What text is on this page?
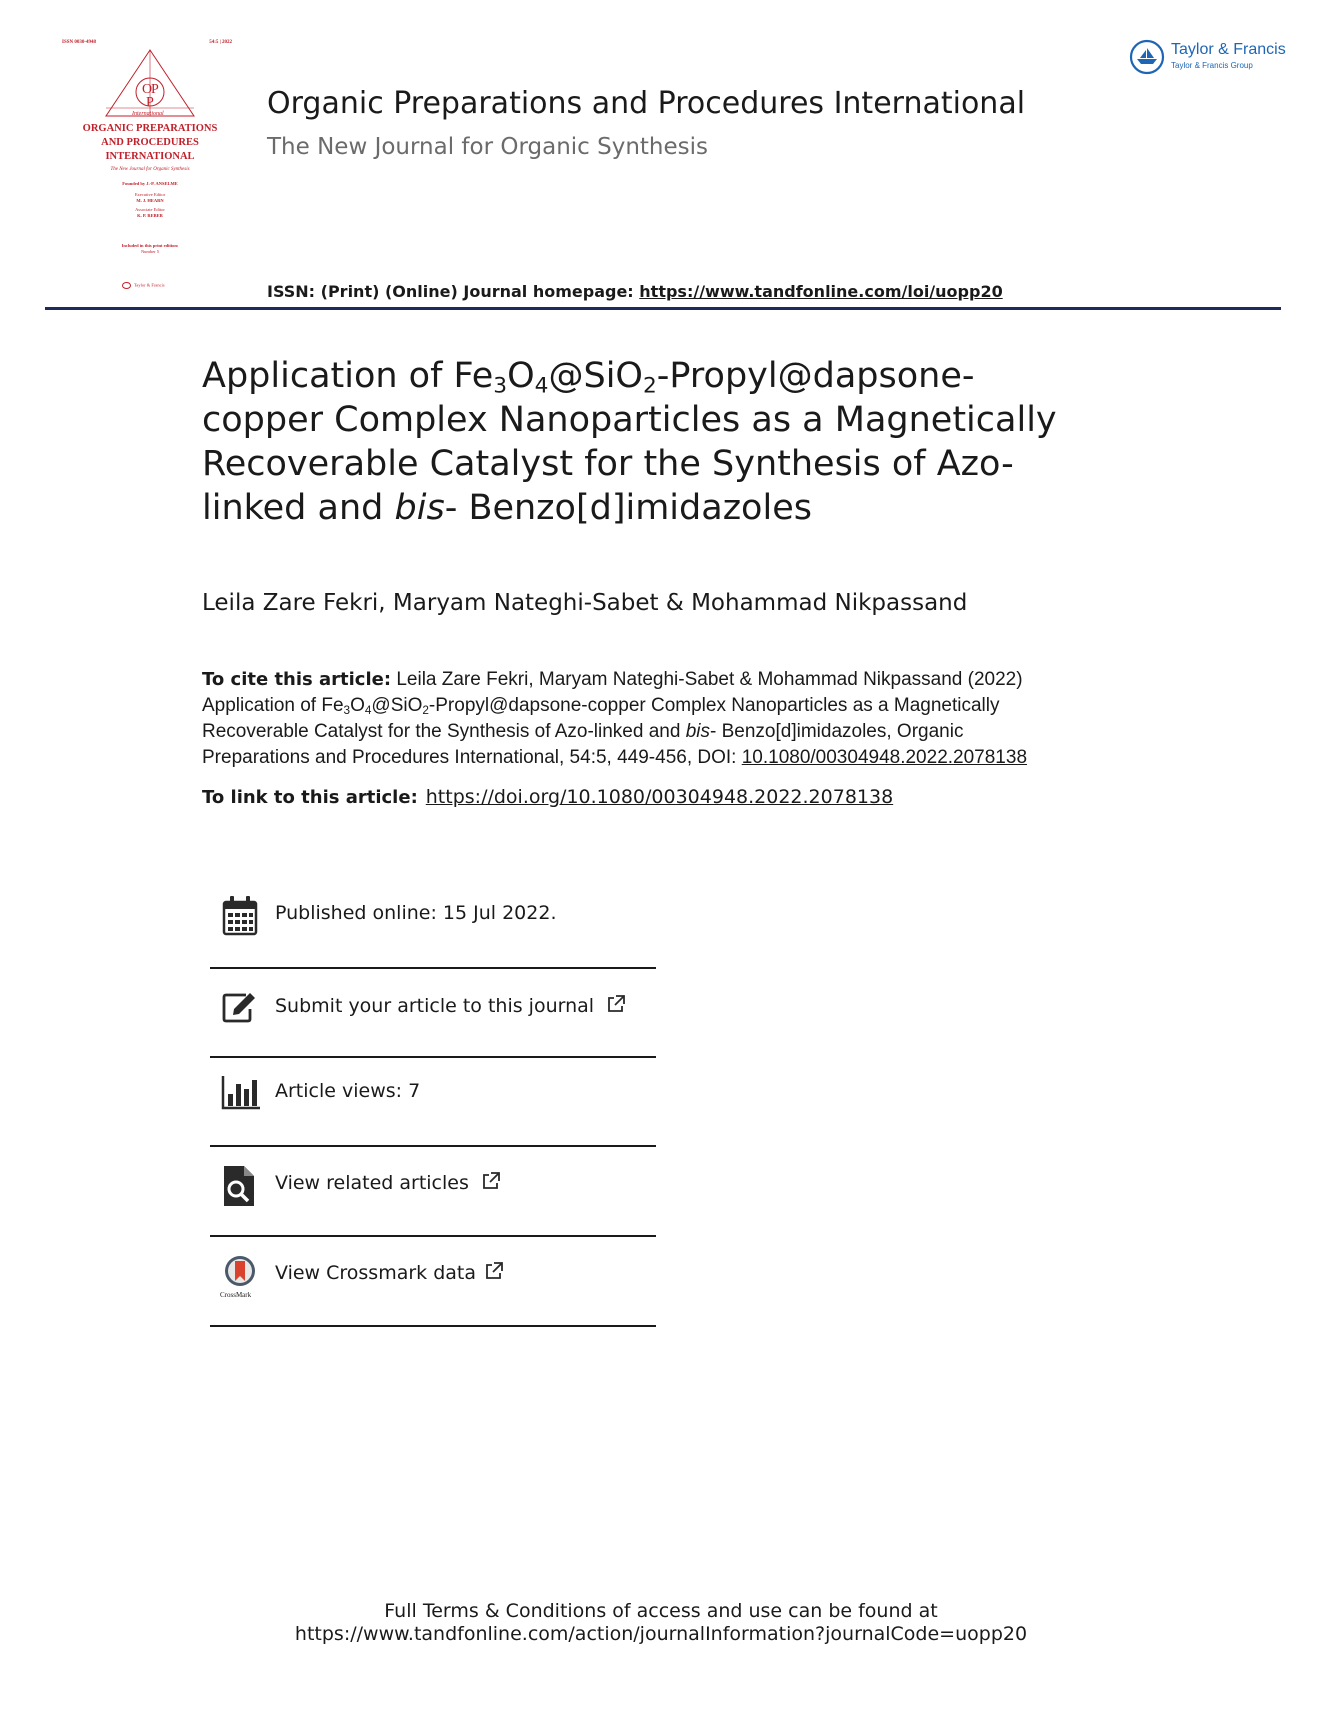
ISSN 0030-4948	54:5 | 2022
O
P
P
International
ORGANIC PREPARATIONS
AND PROCEDURES
INTERNATIONAL
The New Journal for Organic Synthesis
Founded by J.-P. ANSELME
Executive Editor
M. J. HEARN
Associate Editor
K. P. REBER
Included in this print edition:
Number 5
Taylor & Francis
Organic Preparations and Procedures International
The New Journal for Organic Synthesis
ISSN: (Print) (Online) Journal homepage: https://www.tandfonline.com/loi/uopp20
Taylor & Francis
Taylor & Francis Group
Application of $Fe_3O_4@SiO_2-Propyl@dapsone-$
copper Complex Nanoparticles as a Magnetically
Recoverable Catalyst for the Synthesis of Azo-
linked and bis- Benzo[d]imidazoles
Leila Zare Fekri, Maryam Nateghi-Sabet & Mohammad Nikpassand
To cite this article: Leila Zare Fekri, Maryam Nateghi-Sabet & Mohammad Nikpassand (2022)
Application of $Fe_3O_4@SiO_2-Propyl@dapsone$-copper Complex Nanoparticles as a Magnetically
Recoverable Catalyst for the Synthesis of Azo-linked and bis- Benzo[d]imidazoles, Organic
Preparations and Procedures International, 54:5, 449-456, DOI: 10.1080/00304948.2022.2078138
To link to this article: https://doi.org/10.1080/00304948.2022.2078138
Published online: 15 Jul 2022.
Submit your article to this journal
Article views: 7
View related articles
CrossMark
View Crossmark data
Full Terms & Conditions of access and use can be found at
https://www.tandfonline.com/action/journalInformation?journalCode=uopp20
